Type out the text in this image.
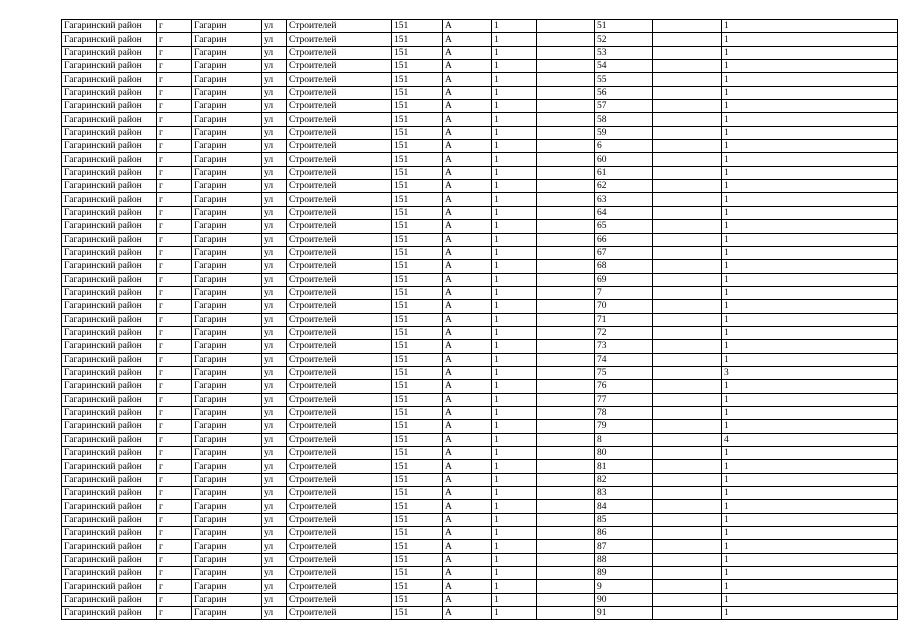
Гагаринский район	г	Гагарин	ул	Строителей	151	А	1		51		1
Гагаринский район	г	Гагарин	ул	Строителей	151	А	1		52		1
Гагаринский район	г	Гагарин	ул	Строителей	151	А	1		53		1
Гагаринский район	г	Гагарин	ул	Строителей	151	А	1		54		1
Гагаринский район	г	Гагарин	ул	Строителей	151	А	1		55		1
Гагаринский район	г	Гагарин	ул	Строителей	151	А	1		56		1
Гагаринский район	г	Гагарин	ул	Строителей	151	А	1		57		1
Гагаринский район	г	Гагарин	ул	Строителей	151	А	1		58		1
Гагаринский район	г	Гагарин	ул	Строителей	151	А	1		59		1
Гагаринский район	г	Гагарин	ул	Строителей	151	А	1		6		1
Гагаринский район	г	Гагарин	ул	Строителей	151	А	1		60		1
Гагаринский район	г	Гагарин	ул	Строителей	151	А	1		61		1
Гагаринский район	г	Гагарин	ул	Строителей	151	А	1		62		1
Гагаринский район	г	Гагарин	ул	Строителей	151	А	1		63		1
Гагаринский район	г	Гагарин	ул	Строителей	151	А	1		64		1
Гагаринский район	г	Гагарин	ул	Строителей	151	А	1		65		1
Гагаринский район	г	Гагарин	ул	Строителей	151	А	1		66		1
Гагаринский район	г	Гагарин	ул	Строителей	151	А	1		67		1
Гагаринский район	г	Гагарин	ул	Строителей	151	А	1		68		1
Гагаринский район	г	Гагарин	ул	Строителей	151	А	1		69		1
Гагаринский район	г	Гагарин	ул	Строителей	151	А	1		7		1
Гагаринский район	г	Гагарин	ул	Строителей	151	А	1		70		1
Гагаринский район	г	Гагарин	ул	Строителей	151	А	1		71		1
Гагаринский район	г	Гагарин	ул	Строителей	151	А	1		72		1
Гагаринский район	г	Гагарин	ул	Строителей	151	А	1		73		1
Гагаринский район	г	Гагарин	ул	Строителей	151	А	1		74		1
Гагаринский район	г	Гагарин	ул	Строителей	151	А	1		75		3
Гагаринский район	г	Гагарин	ул	Строителей	151	А	1		76		1
Гагаринский район	г	Гагарин	ул	Строителей	151	А	1		77		1
Гагаринский район	г	Гагарин	ул	Строителей	151	А	1		78		1
Гагаринский район	г	Гагарин	ул	Строителей	151	А	1		79		1
Гагаринский район	г	Гагарин	ул	Строителей	151	А	1		8		4
Гагаринский район	г	Гагарин	ул	Строителей	151	А	1		80		1
Гагаринский район	г	Гагарин	ул	Строителей	151	А	1		81		1
Гагаринский район	г	Гагарин	ул	Строителей	151	А	1		82		1
Гагаринский район	г	Гагарин	ул	Строителей	151	А	1		83		1
Гагаринский район	г	Гагарин	ул	Строителей	151	А	1		84		1
Гагаринский район	г	Гагарин	ул	Строителей	151	А	1		85		1
Гагаринский район	г	Гагарин	ул	Строителей	151	А	1		86		1
Гагаринский район	г	Гагарин	ул	Строителей	151	А	1		87		1
Гагаринский район	г	Гагарин	ул	Строителей	151	А	1		88		1
Гагаринский район	г	Гагарин	ул	Строителей	151	А	1		89		1
Гагаринский район	г	Гагарин	ул	Строителей	151	А	1		9		1
Гагаринский район	г	Гагарин	ул	Строителей	151	А	1		90		1
Гагаринский район	г	Гагарин	ул	Строителей	151	А	1		91		1
